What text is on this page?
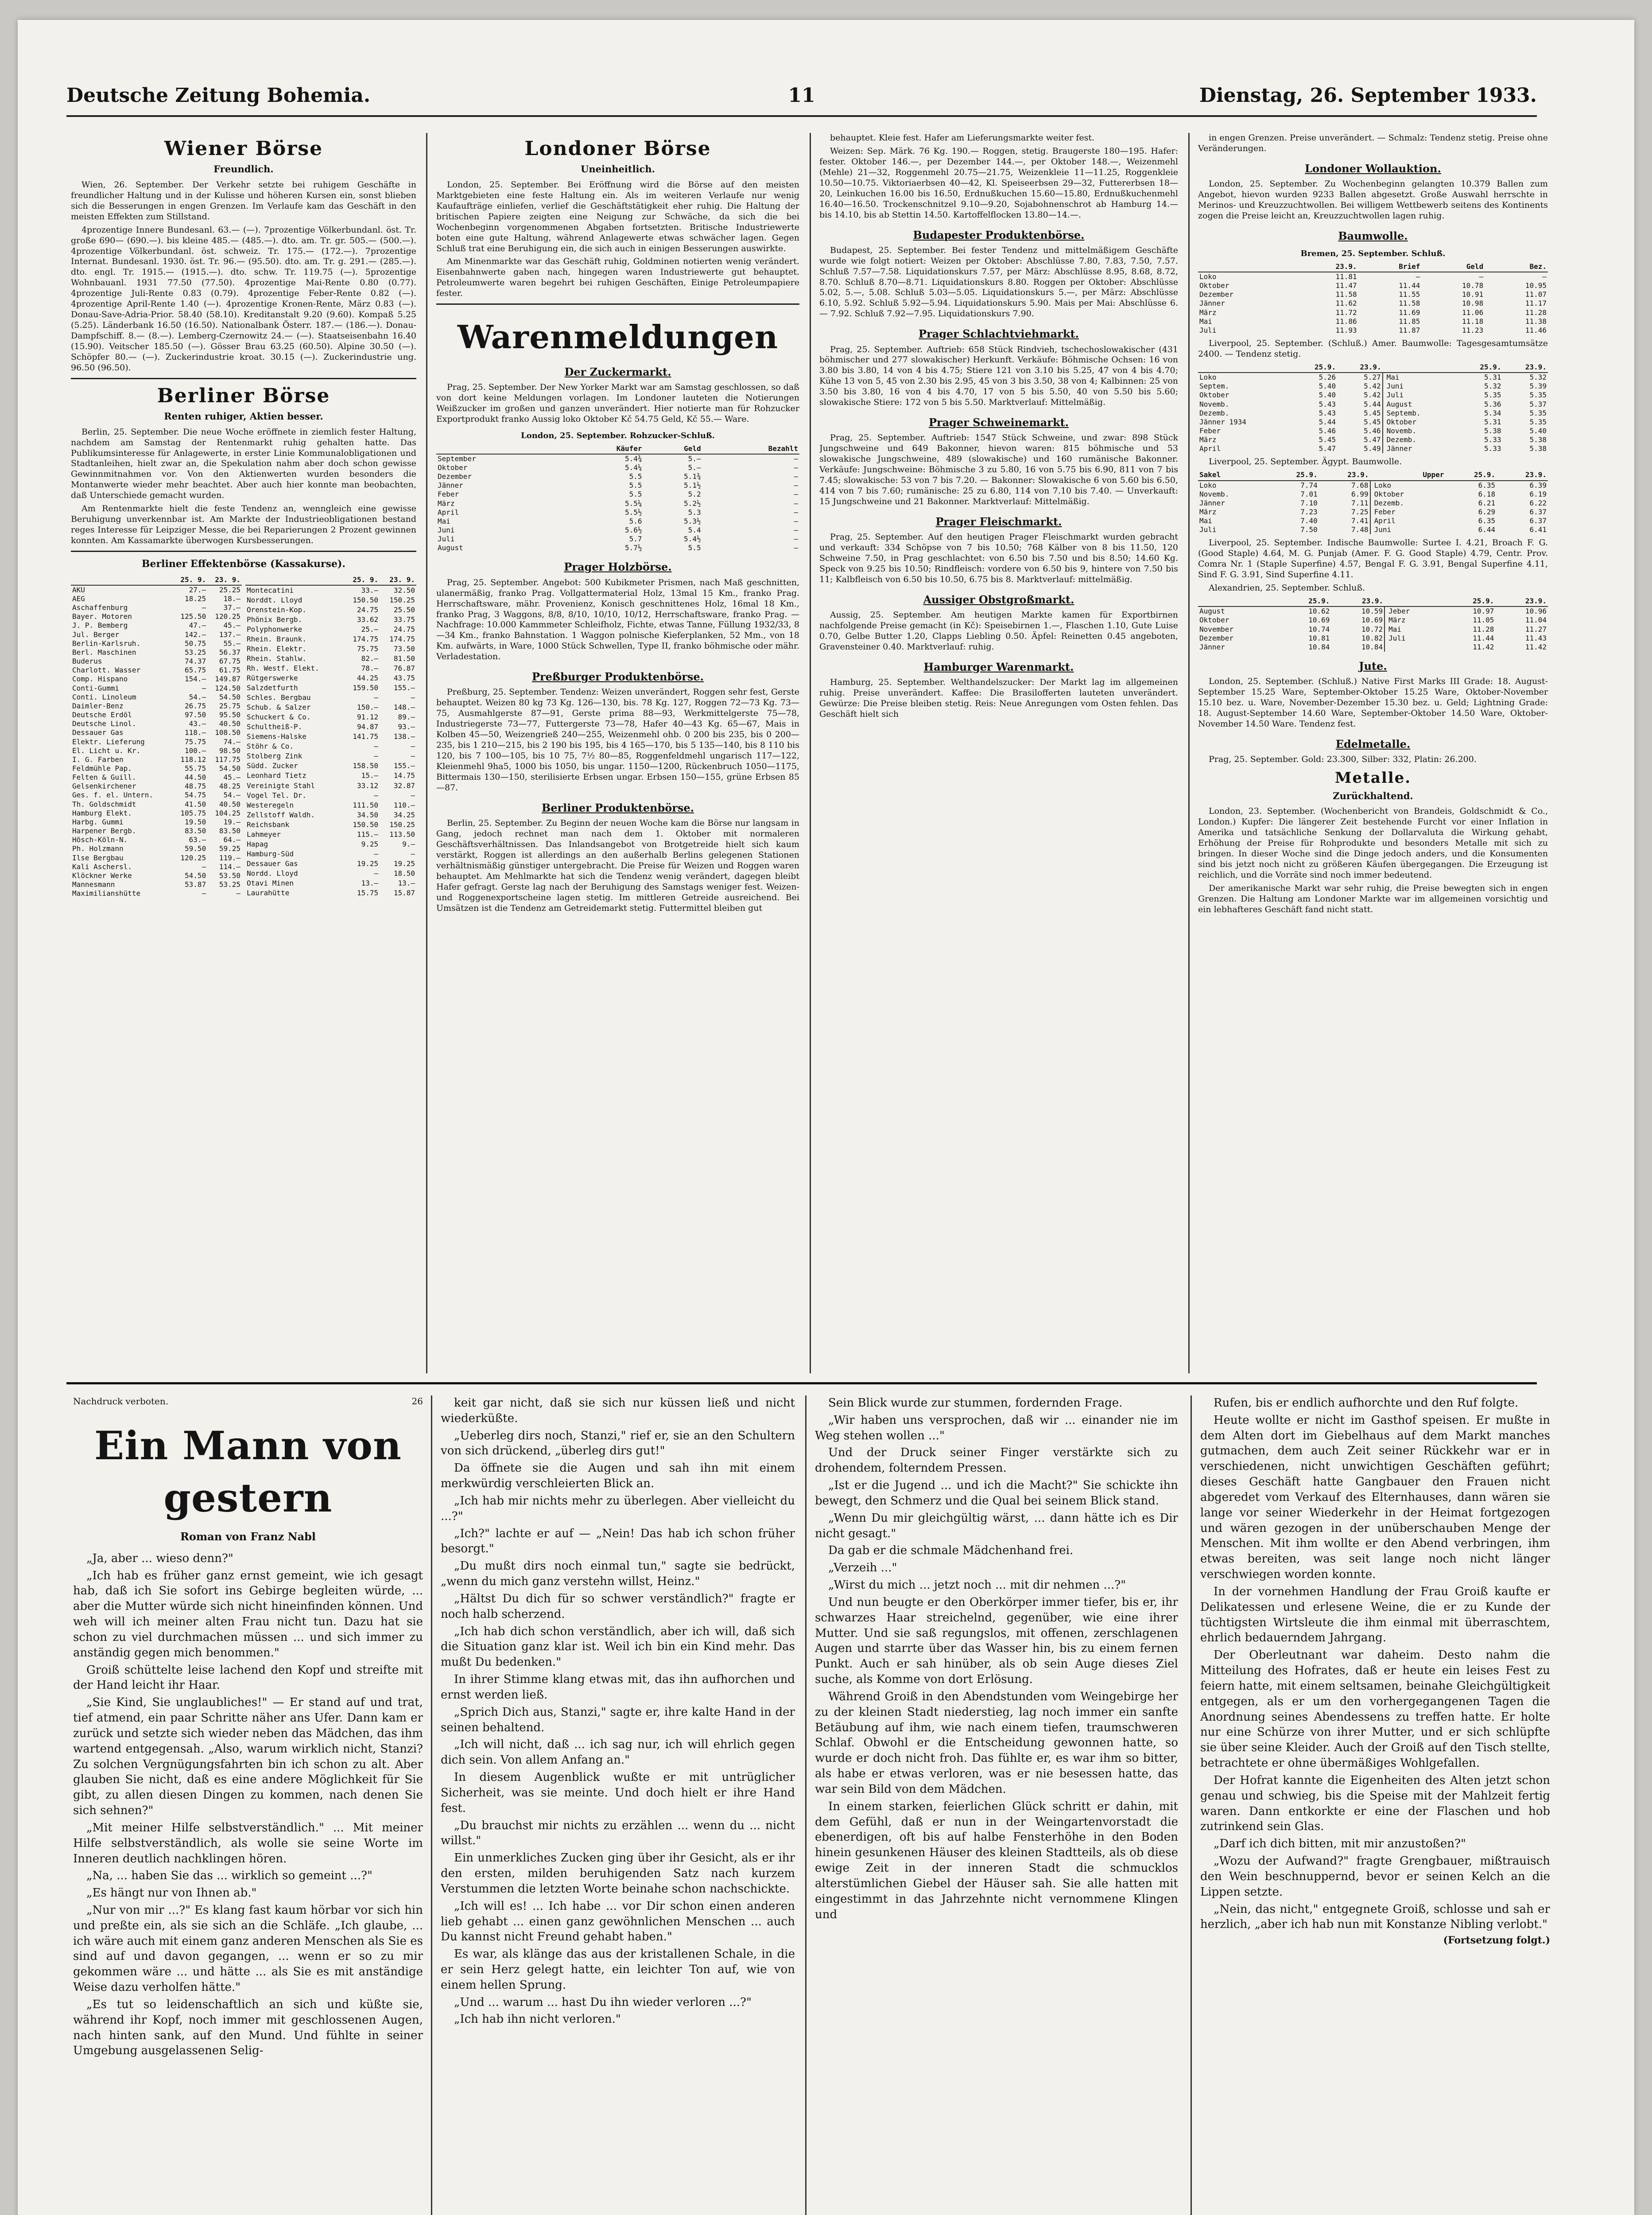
Deutsche Zeitung Bohemia.	11	Dienstag, 26. September 1933.
Wiener Börse
Freundlich.

Wien, 26. September. Der Verkehr setzte bei ruhigem Geschäfte in freundlicher Haltung und in der Kulisse und höheren Kursen ein, sonst blieben sich die Besserungen in engen Grenzen. Im Verlaufe kam das Geschäft in den meisten Effekten zum Stillstand.

4prozentige Innere Bundesanl. 63.— (—). 7prozentige Völkerbundanl. öst. Tr. große 690— (690.—). bis kleine 485.— (485.—). dto. am. Tr. gr. 505.— (500.—). 4prozentige Völkerbundanl. öst. schweiz. Tr. 175.— (172.—). 7prozentige Internat. Bundesanl. 1930. öst. Tr. 96.— (95.50). dto. am. Tr. g. 291.— (285.—). dto. engl. Tr. 1915.— (1915.—). dto. schw. Tr. 119.75 (—). 5prozentige Wohnbauanl. 1931 77.50 (77.50). 4prozentige Mai-Rente 0.80 (0.77). 4prozentige Juli-Rente 0.83 (0.79). 4prozentige Feber-Rente 0.82 (—). 4prozentige April-Rente 1.40 (—). 4prozentige Kronen-Rente, März 0.83 (—). Donau-Save-Adria-Prior. 58.40 (58.10). Kreditanstalt 9.20 (9.60). Kompaß 5.25 (5.25). Länderbank 16.50 (16.50). Nationalbank Österr. 187.— (186.—). Donau-Dampfschiff. 8.— (8.—). Lemberg-Czernowitz 24.— (—). Staatseisenbahn 16.40 (15.90). Veitscher 185.50 (—). Gösser Brau 63.25 (60.50). Alpine 30.50 (—). Schöpfer 80.— (—). Zuckerindustrie kroat. 30.15 (—). Zuckerindustrie ung. 96.50 (96.50).

Berliner Börse
Renten ruhiger, Aktien besser.

Berlin, 25. September. Die neue Woche eröffnete in ziemlich fester Haltung, nachdem am Samstag der Rentenmarkt ruhig gehalten hatte. Das Publikumsinteresse für Anlagewerte, in erster Linie Kommunalobligationen und Stadtanleihen, hielt zwar an, die Spekulation nahm aber doch schon gewisse Gewinnmitnahmen vor. Von den Aktienwerten wurden besonders die Montanwerte wieder mehr beachtet. Aber auch hier konnte man beobachten, daß Unterschiede gemacht wurden.

Am Rentenmarkte hielt die feste Tendenz an, wenngleich eine gewisse Beruhigung unverkennbar ist. Am Markte der Industrieobligationen bestand reges Interesse für Leipziger Messe, die bei Reparierungen 2 Prozent gewinnen konnten. Am Kassamarkte überwogen Kursbesserungen.

Berliner Effektenbörse (Kassakurse).
	25. 9.	23. 9.
AKU	27.—	25.25
AEG	18.25	18.—
Aschaffenburg	—	37.—
Bayer. Motoren	125.50	120.25
J. P. Bemberg	47.—	45.—
Jul. Berger	142.—	137.—
Berlin-Karlsruh.	50.75	55.—
Berl. Maschinen	53.25	56.37
Buderus	74.37	67.75
Charlott. Wasser	65.75	61.75
Comp. Hispano	154.—	149.87
Conti-Gummi	—	124.50
Conti. Linoleum	54.—	54.50
Daimler-Benz	26.75	25.75
Deutsche Erdöl	97.50	95.50
Deutsche Linol.	43.—	40.50
Dessauer Gas	118.—	108.50
Elektr. Lieferung	75.75	74.—
El. Licht u. Kr.	100.—	98.50
I. G. Farben	118.12	117.75
Feldmühle Pap.	55.75	54.50
Felten & Guill.	44.50	45.—
Gelsenkirchener	48.75	48.25
Ges. f. el. Untern.	54.75	54.—
Th. Goldschmidt	41.50	40.50
Hamburg Elekt.	105.75	104.25
Harbg. Gummi	19.50	19.—
Harpener Bergb.	83.50	83.50
Hösch-Köln-N.	63.—	64.—
Ph. Holzmann	59.50	59.25
Ilse Bergbau	120.25	119.—
Kali Aschersl.	—	114.—
Klöckner Werke	54.50	53.50
Mannesmann	53.87	53.25
Maximilianshütte	—	—
	25. 9.	23. 9.
Montecatini	33.—	32.50
Norddt. Lloyd	150.50	150.25
Orenstein-Kop.	24.75	25.50
Phönix Bergb.	33.62	33.75
Polyphonwerke	25.—	24.75
Rhein. Braunk.	174.75	174.75
Rhein. Elektr.	75.75	73.50
Rhein. Stahlw.	82.—	81.50
Rh. Westf. Elekt.	78.—	76.87
Rütgerswerke	44.25	43.75
Salzdetfurth	159.50	155.—
Schles. Bergbau	—	—
Schub. & Salzer	150.—	148.—
Schuckert & Co.	91.12	89.—
Schultheiß-P.	94.87	93.—
Siemens-Halske	141.75	138.—
Stöhr & Co.	—	—
Stolberg Zink	—	—
Südd. Zucker	158.50	155.—
Leonhard Tietz	15.—	14.75
Vereinigte Stahl	33.12	32.87
Vogel Tel. Dr.	—	—
Westeregeln	111.50	110.—
Zellstoff Waldh.	34.50	34.25
Reichsbank	150.50	150.25
Lahmeyer	115.—	113.50
Hapag	9.25	9.—
Hamburg-Süd	—	—
Dessauer Gas	19.25	19.25
Nordd. Lloyd	—	18.50
Otavi Minen	13.—	13.—
Laurahütte	15.75	15.87
Londoner Börse
Uneinheitlich.

London, 25. September. Bei Eröffnung wird die Börse auf den meisten Marktgebieten eine feste Haltung ein. Als im weiteren Verlaufe nur wenig Kaufaufträge einliefen, verlief die Geschäftstätigkeit eher ruhig. Die Haltung der britischen Papiere zeigten eine Neigung zur Schwäche, da sich die bei Wochenbeginn vorgenommenen Abgaben fortsetzten. Britische Industriewerte boten eine gute Haltung, während Anlagewerte etwas schwächer lagen. Gegen Schluß trat eine Beruhigung ein, die sich auch in einigen Besserungen auswirkte.

Am Minenmarkte war das Geschäft ruhig, Goldminen notierten wenig verändert. Eisenbahnwerte gaben nach, hingegen waren Industriewerte gut behauptet. Petroleumwerte waren begehrt bei ruhigen Geschäften, Einige Petroleumpapiere fester.

Warenmeldungen
Der Zuckermarkt.

Prag, 25. September. Der New Yorker Markt war am Samstag geschlossen, so daß von dort keine Meldungen vorlagen. Im Londoner lauteten die Notierungen Weißzucker im großen und ganzen unverändert. Hier notierte man für Rohzucker Exportprodukt franko Aussig loko Oktober Kč 54.75 Geld, Kč 55.— Ware.

London, 25. September. Rohzucker-Schluß.
	Käufer	Geld	Bezahlt
September	5.4¾	5.—	—
Oktober	5.4¼	5.—	—
Dezember	5.5	5.1¾	—
Jänner	5.5	5.1½	—
Feber	5.5	5.2	—
März	5.5¼	5.2½	—
April	5.5½	5.3	—
Mai	5.6	5.3½	—
Juni	5.6½	5.4	—
Juli	5.7	5.4½	—
August	5.7½	5.5	—
Prager Holzbörse.

Prag, 25. September. Angebot: 500 Kubikmeter Prismen, nach Maß geschnitten, ulanermäßig, franko Prag. Vollgattermaterial Holz, 13mal 15 Km., franko Prag. Herrschaftsware, mähr. Provenienz, Konisch geschnittenes Holz, 16mal 18 Km., franko Prag, 3 Waggons, 8/8, 8/10, 10/10, 10/12, Herrschaftsware, franko Prag. — Nachfrage: 10.000 Kammmeter Schleifholz, Fichte, etwas Tanne, Füllung 1932/33, 8—34 Km., franko Bahnstation. 1 Waggon polnische Kieferplanken, 52 Mm., von 18 Km. aufwärts, in Ware, 1000 Stück Schwellen, Type II, franko böhmische oder mähr. Verladestation.

Preßburger Produktenbörse.

Preßburg, 25. September. Tendenz: Weizen unverändert, Roggen sehr fest, Gerste behauptet. Weizen 80 kg 73 Kg. 126—130, bis. 78 Kg. 127, Roggen 72—73 Kg. 73—75, Ausmahlgerste 87—91, Gerste prima 88—93, Werkmittelgerste 75—78, Industriegerste 73—77, Futtergerste 73—78, Hafer 40—43 Kg. 65—67, Mais in Kolben 45—50, Weizengrieß 240—255, Weizenmehl ohb. 0 200 bis 235, bis 0 200—235, bis 1 210—215, bis 2 190 bis 195, bis 4 165—170, bis 5 135—140, bis 8 110 bis 120, bis 7 100—105, bis 10 75, 7½ 80—85, Roggenfeldmehl ungarisch 117—122, Kleienmehl 9ha5, 1000 bis 1050, bis ungar. 1150—1200, Rückenbruch 1050—1175, Bittermais 130—150, sterilisierte Erbsen ungar. Erbsen 150—155, grüne Erbsen 85—87.

Berliner Produktenbörse.

Berlin, 25. September. Zu Beginn der neuen Woche kam die Börse nur langsam in Gang, jedoch rechnet man nach dem 1. Oktober mit normaleren Geschäftsverhältnissen. Das Inlandsangebot von Brotgetreide hielt sich kaum verstärkt, Roggen ist allerdings an den außerhalb Berlins gelegenen Stationen verhältnismäßig günstiger untergebracht. Die Preise für Weizen und Roggen waren behauptet. Am Mehlmarkte hat sich die Tendenz wenig verändert, dagegen bleibt Hafer gefragt. Gerste lag nach der Beruhigung des Samstags weniger fest. Weizen- und Roggenexportscheine lagen stetig. Im mittleren Getreide ausreichend. Bei Umsätzen ist die Tendenz am Getreidemarkt stetig. Futtermittel bleiben gut

behauptet. Kleie fest. Hafer am Lieferungsmarkte weiter fest.

Weizen: Sep. Märk. 76 Kg. 190.— Roggen, stetig. Braugerste 180—195. Hafer: fester. Oktober 146.—, per Dezember 144.—, per Oktober 148.—, Weizenmehl (Mehle) 21—32, Roggenmehl 20.75—21.75, Weizenkleie 11—11.25, Roggenkleie 10.50—10.75. Viktoriaerbsen 40—42, Kl. Speiseerbsen 29—32, Futtererbsen 18—20, Leinkuchen 16.00 bis 16.50, Erdnußkuchen 15.60—15.80, Erdnußkuchenmehl 16.40—16.50. Trockenschnitzel 9.10—9.20, Sojabohnenschrot ab Hamburg 14.— bis 14.10, bis ab Stettin 14.50. Kartoffelflocken 13.80—14.—.

Budapester Produktenbörse.

Budapest, 25. September. Bei fester Tendenz und mittelmäßigem Geschäfte wurde wie folgt notiert: Weizen per Oktober: Abschlüsse 7.80, 7.83, 7.50, 7.57. Schluß 7.57—7.58. Liquidationskurs 7.57, per März: Abschlüsse 8.95, 8.68, 8.72, 8.70. Schluß 8.70—8.71. Liquidationskurs 8.80. Roggen per Oktober: Abschlüsse 5.02, 5.—, 5.08. Schluß 5.03—5.05. Liquidationskurs 5.—, per März: Abschlüsse 6.10, 5.92. Schluß 5.92—5.94. Liquidationskurs 5.90. Mais per Mai: Abschlüsse 6.— 7.92. Schluß 7.92—7.95. Liquidationskurs 7.90.

Prager Schlachtviehmarkt.

Prag, 25. September. Auftrieb: 658 Stück Rindvieh, tschechoslowakischer (431 böhmischer und 277 slowakischer) Herkunft. Verkäufe: Böhmische Ochsen: 16 von 3.80 bis 3.80, 14 von 4 bis 4.75; Stiere 121 von 3.10 bis 5.25, 47 von 4 bis 4.70; Kühe 13 von 5, 45 von 2.30 bis 2.95, 45 von 3 bis 3.50, 38 von 4; Kalbinnen: 25 von 3.50 bis 3.80, 16 von 4 bis 4.70, 17 von 5 bis 5.50, 40 von 5.50 bis 5.60; slowakische Stiere: 172 von 5 bis 5.50. Marktverlauf: Mittelmäßig.

Prager Schweinemarkt.

Prag, 25. September. Auftrieb: 1547 Stück Schweine, und zwar: 898 Stück Jungschweine und 649 Bakonner, hievon waren: 815 böhmische und 53 slowakische Jungschweine, 489 (slowakische) und 160 rumänische Bakonner. Verkäufe: Jungschweine: Böhmische 3 zu 5.80, 16 von 5.75 bis 6.90, 811 von 7 bis 7.45; slowakische: 53 von 7 bis 7.20. — Bakonner: Slowakische 6 von 5.60 bis 6.50, 414 von 7 bis 7.60; rumänische: 25 zu 6.80, 114 von 7.10 bis 7.40. — Unverkauft: 15 Jungschweine und 21 Bakonner. Marktverlauf: Mittelmäßig.

Prager Fleischmarkt.

Prag, 25. September. Auf den heutigen Prager Fleischmarkt wurden gebracht und verkauft: 334 Schöpse von 7 bis 10.50; 768 Kälber von 8 bis 11.50, 120 Schweine 7.50, in Prag geschlachtet: von 6.50 bis 7.50 und bis 8.50; 14.60 Kg. Speck von 9.25 bis 10.50; Rindfleisch: vordere von 6.50 bis 9, hintere von 7.50 bis 11; Kalbfleisch von 6.50 bis 10.50, 6.75 bis 8. Marktverlauf: mittelmäßig.

Aussiger Obstgroßmarkt.

Aussig, 25. September. Am heutigen Markte kamen für Exportbirnen nachfolgende Preise gemacht (in Kč): Speisebirnen 1.—, Flaschen 1.10, Gute Luise 0.70, Gelbe Butter 1.20, Clapps Liebling 0.50. Äpfel: Reinetten 0.45 angeboten, Gravensteiner 0.40. Marktverlauf: ruhig.

Hamburger Warenmarkt.

Hamburg, 25. September. Welthandelszucker: Der Markt lag im allgemeinen ruhig. Preise unverändert. Kaffee: Die Brasilofferten lauteten unverändert. Gewürze: Die Preise bleiben stetig. Reis: Neue Anregungen vom Osten fehlen. Das Geschäft hielt sich

in engen Grenzen. Preise unverändert. — Schmalz: Tendenz stetig. Preise ohne Veränderungen.

Londoner Wollauktion.

London, 25. September. Zu Wochenbeginn gelangten 10.379 Ballen zum Angebot, hievon wurden 9233 Ballen abgesetzt. Große Auswahl herrschte in Merinos- und Kreuzzuchtwollen. Bei willigem Wettbewerb seitens des Kontinents zogen die Preise leicht an, Kreuzzuchtwollen lagen ruhig.

Baumwolle.
Bremen, 25. September. Schluß.
	23.9.	Brief	Geld	Bez.
Loko	11.81	—	—	—
Oktober	11.47	11.44	10.78	10.95
Dezember	11.58	11.55	10.91	11.07
Jänner	11.62	11.58	10.98	11.17
März	11.72	11.69	11.06	11.28
Mai	11.86	11.85	11.18	11.38
Juli	11.93	11.87	11.23	11.46

Liverpool, 25. September. (Schluß.) Amer. Baumwolle: Tagesgesamtumsätze 2400. — Tendenz stetig.

	25.9.	23.9.		25.9.	23.9.
Loko	5.26	5.27	Mai	5.31	5.32
Septem.	5.40	5.42	Juni	5.32	5.39
Oktober	5.40	5.42	Juli	5.35	5.35
Novemb.	5.43	5.44	August	5.36	5.37
Dezemb.	5.43	5.45	Septemb.	5.34	5.35
Jänner 1934	5.44	5.45	Oktober	5.31	5.35
Feber	5.46	5.46	Novemb.	5.38	5.40
März	5.45	5.47	Dezemb.	5.33	5.38
April	5.47	5.49	Jänner	5.33	5.38

Liverpool, 25. September. Ägypt. Baumwolle.

Sakel	25.9.	23.9.	Upper	25.9.	23.9.
Loko	7.74	7.68	Loko	6.35	6.39
Novemb.	7.01	6.99	Oktober	6.18	6.19
Jänner	7.10	7.11	Dezemb.	6.21	6.22
März	7.23	7.25	Feber	6.29	6.37
Mai	7.40	7.41	April	6.35	6.37
Juli	7.50	7.48	Juni	6.44	6.41

Liverpool, 25. September. Indische Baumwolle: Surtee I. 4.21, Broach F. G. (Good Staple) 4.64, M. G. Punjab (Amer. F. G. Good Staple) 4.79, Centr. Prov. Comra Nr. 1 (Staple Superfine) 4.57, Bengal F. G. 3.91, Bengal Superfine 4.11, Sind F. G. 3.91, Sind Superfine 4.11.

Alexandrien, 25. September. Schluß.

	25.9.	23.9.		25.9.	23.9.
August	10.62	10.59	Jeber	10.97	10.96
Oktober	10.69	10.69	März	11.05	11.04
November	10.74	10.72	Mai	11.28	11.27
Dezember	10.81	10.82	Juli	11.44	11.43
Jänner	10.84	10.84		11.42	11.42
Jute.

London, 25. September. (Schluß.) Native First Marks III Grade: 18. August-September 15.25 Ware, September-Oktober 15.25 Ware, Oktober-November 15.10 bez. u. Ware, November-Dezember 15.30 bez. u. Geld; Lightning Grade: 18. August-September 14.60 Ware, September-Oktober 14.50 Ware, Oktober-November 14.50 Ware. Tendenz fest.

Edelmetalle.

Prag, 25. September. Gold: 23.300, Silber: 332, Platin: 26.200.

Metalle.
Zurückhaltend.

London, 23. September. (Wochenbericht von Brandeis, Goldschmidt & Co., London.) Kupfer: Die längerer Zeit bestehende Furcht vor einer Inflation in Amerika und tatsächliche Senkung der Dollarvaluta die Wirkung gehabt, Erhöhung der Preise für Rohprodukte und besonders Metalle mit sich zu bringen. In dieser Woche sind die Dinge jedoch anders, und die Konsumenten sind bis jetzt noch nicht zu größeren Käufen übergegangen. Die Erzeugung ist reichlich, und die Vorräte sind noch immer bedeutend.

Der amerikanische Markt war sehr ruhig, die Preise bewegten sich in engen Grenzen. Die Haltung am Londoner Markte war im allgemeinen vorsichtig und ein lebhafteres Geschäft fand nicht statt.

Nachdruck verboten.	26
Ein Mann von gestern
Roman von Franz Nabl

„Ja, aber ... wieso denn?"

„Ich hab es früher ganz ernst gemeint, wie ich gesagt hab, daß ich Sie sofort ins Gebirge begleiten würde, ... aber die Mutter würde sich nicht hineinfinden können. Und weh will ich meiner alten Frau nicht tun. Dazu hat sie schon zu viel durchmachen müssen ... und sich immer zu anständig gegen mich benommen."

Groiß schüttelte leise lachend den Kopf und streifte mit der Hand leicht ihr Haar.

„Sie Kind, Sie unglaubliches!" — Er stand auf und trat, tief atmend, ein paar Schritte näher ans Ufer. Dann kam er zurück und setzte sich wieder neben das Mädchen, das ihm wartend entgegensah. „Also, warum wirklich nicht, Stanzi? Zu solchen Vergnügungsfahrten bin ich schon zu alt. Aber glauben Sie nicht, daß es eine andere Möglichkeit für Sie gibt, zu allen diesen Dingen zu kommen, nach denen Sie sich sehnen?"

„Mit meiner Hilfe selbstverständlich." ... Mit meiner Hilfe selbstverständlich, als wolle sie seine Worte im Inneren deutlich nachklingen hören.

„Na, ... haben Sie das ... wirklich so gemeint ...?"

„Es hängt nur von Ihnen ab."

„Nur von mir ...?" Es klang fast kaum hörbar vor sich hin und preßte ein, als sie sich an die Schläfe. „Ich glaube, ... ich wäre auch mit einem ganz anderen Menschen als Sie es sind auf und davon gegangen, ... wenn er so zu mir gekommen wäre ... und hätte ... als Sie es mit anständige Weise dazu verholfen hätte."

„Es tut so leidenschaftlich an sich und küßte sie, während ihr Kopf, noch immer mit geschlossenen Augen, nach hinten sank, auf den Mund. Und fühlte in seiner Umgebung ausgelassenen Selig-

keit gar nicht, daß sie sich nur küssen ließ und nicht wiederküßte.

„Ueberleg dirs noch, Stanzi," rief er, sie an den Schultern von sich drückend, „überleg dirs gut!"

Da öffnete sie die Augen und sah ihn mit einem merkwürdig verschleierten Blick an.

„Ich hab mir nichts mehr zu überlegen. Aber vielleicht du ...?"

„Ich?" lachte er auf — „Nein! Das hab ich schon früher besorgt."

„Du mußt dirs noch einmal tun," sagte sie bedrückt, „wenn du mich ganz verstehn willst, Heinz."

„Hältst Du dich für so schwer verständlich?" fragte er noch halb scherzend.

„Ich hab dich schon verständlich, aber ich will, daß sich die Situation ganz klar ist. Weil ich bin ein Kind mehr. Das mußt Du bedenken."

In ihrer Stimme klang etwas mit, das ihn aufhorchen und ernst werden ließ.

„Sprich Dich aus, Stanzi," sagte er, ihre kalte Hand in der seinen behaltend.

„Ich will nicht, daß ... ich sag nur, ich will ehrlich gegen dich sein. Von allem Anfang an."

In diesem Augenblick wußte er mit untrüglicher Sicherheit, was sie meinte. Und doch hielt er ihre Hand fest.

„Du brauchst mir nichts zu erzählen ... wenn du ... nicht willst."

Ein unmerkliches Zucken ging über ihr Gesicht, als er ihr den ersten, milden beruhigenden Satz nach kurzem Verstummen die letzten Worte beinahe schon nachschickte.

„Ich will es! ... Ich habe ... vor Dir schon einen anderen lieb gehabt ... einen ganz gewöhnlichen Menschen ... auch Du kannst nicht Freund gehabt haben."

Es war, als klänge das aus der kristallenen Schale, in die er sein Herz gelegt hatte, ein leichter Ton auf, wie von einem hellen Sprung.

„Und ... warum ... hast Du ihn wieder verloren ...?"

„Ich hab ihn nicht verloren."

Sein Blick wurde zur stummen, fordernden Frage.

„Wir haben uns versprochen, daß wir ... einander nie im Weg stehen wollen ..."

Und der Druck seiner Finger verstärkte sich zu drohendem, folterndem Pressen.

„Ist er die Jugend ... und ich die Macht?" Sie schickte ihn bewegt, den Schmerz und die Qual bei seinem Blick stand.

„Wenn Du mir gleichgültig wärst, ... dann hätte ich es Dir nicht gesagt."

Da gab er die schmale Mädchenhand frei.

„Verzeih ..."

„Wirst du mich ... jetzt noch ... mit dir nehmen ...?"

Und nun beugte er den Oberkörper immer tiefer, bis er, ihr schwarzes Haar streichelnd, gegenüber, wie eine ihrer Mutter. Und sie saß regungslos, mit offenen, zerschlagenen Augen und starrte über das Wasser hin, bis zu einem fernen Punkt. Auch er sah hinüber, als ob sein Auge dieses Ziel suche, als Komme von dort Erlösung.

Während Groiß in den Abendstunden vom Weingebirge her zu der kleinen Stadt niederstieg, lag noch immer ein sanfte Betäubung auf ihm, wie nach einem tiefen, traumschweren Schlaf. Obwohl er die Entscheidung gewonnen hatte, so wurde er doch nicht froh. Das fühlte er, es war ihm so bitter, als habe er etwas verloren, was er nie besessen hatte, das war sein Bild von dem Mädchen.

In einem starken, feierlichen Glück schritt er dahin, mit dem Gefühl, daß er nun in der Weingartenvorstadt die ebenerdigen, oft bis auf halbe Fensterhöhe in den Boden hinein gesunkenen Häuser des kleinen Stadtteils, als ob diese ewige Zeit in der inneren Stadt die schmucklos alterstümlichen Giebel der Häuser sah. Sie alle hatten mit eingestimmt in das Jahrzehnte nicht vernommene Klingen und

Rufen, bis er endlich aufhorchte und den Ruf folgte.

Heute wollte er nicht im Gasthof speisen. Er mußte in dem Alten dort im Giebelhaus auf dem Markt manches gutmachen, dem auch Zeit seiner Rückkehr war er in verschiedenen, nicht unwichtigen Geschäften geführt; dieses Geschäft hatte Gangbauer den Frauen nicht abgeredet vom Verkauf des Elternhauses, dann wären sie lange vor seiner Wiederkehr in der Heimat fortgezogen und wären gezogen in der unüberschauben Menge der Menschen. Mit ihm wollte er den Abend verbringen, ihm etwas bereiten, was seit lange noch nicht länger verschwiegen worden konnte.

In der vornehmen Handlung der Frau Groiß kaufte er Delikatessen und erlesene Weine, die er zu Kunde der tüchtigsten Wirtsleute die ihm einmal mit überraschtem, ehrlich bedauerndem Jahrgang.

Der Oberleutnant war daheim. Desto nahm die Mitteilung des Hofrates, daß er heute ein leises Fest zu feiern hatte, mit einem seltsamen, beinahe Gleichgültigkeit entgegen, als er um den vorhergegangenen Tagen die Anordnung seines Abendessens zu treffen hatte. Er holte nur eine Schürze von ihrer Mutter, und er sich schlüpfte sie über seine Kleider. Auch der Groiß auf den Tisch stellte, betrachtete er ohne übermäßiges Wohlgefallen.

Der Hofrat kannte die Eigenheiten des Alten jetzt schon genau und schwieg, bis die Speise mit der Mahlzeit fertig waren. Dann entkorkte er eine der Flaschen und hob zutrinkend sein Glas.

„Darf ich dich bitten, mit mir anzustoßen?"

„Wozu der Aufwand?" fragte Grengbauer, mißtrauisch den Wein beschnuppernd, bevor er seinen Kelch an die Lippen setzte.

„Nein, das nicht," entgegnete Groiß, schlosse und sah er herzlich, „aber ich hab nun mit Konstanze Nibling verlobt."

(Fortsetzung folgt.)
